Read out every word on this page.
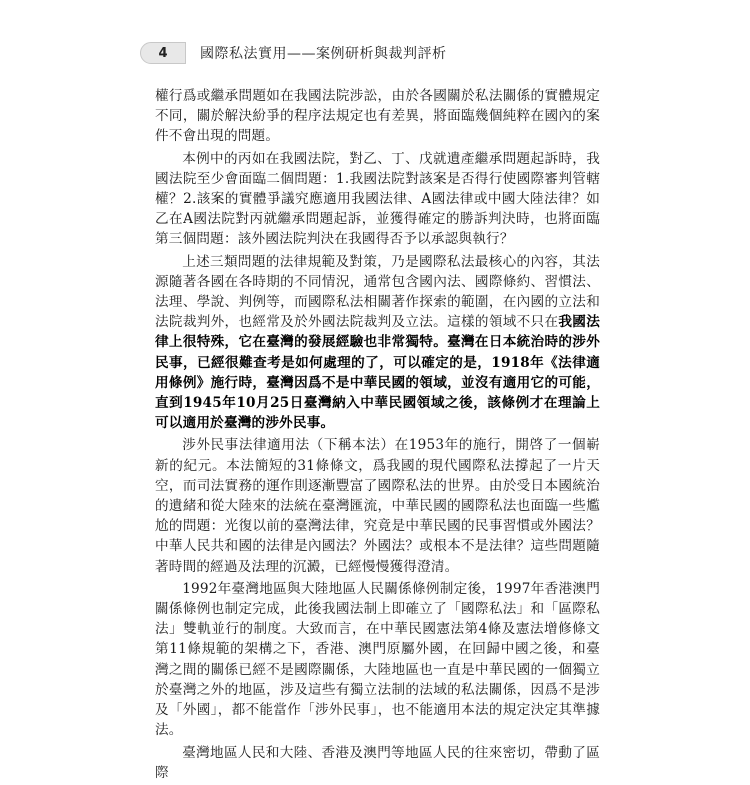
4	國際私法實用——案例研析與裁判評析

權行爲或繼承問題如在我國法院涉訟，由於各國關於私法關係的實體規定不同，關於解決紛爭的程序法規定也有差異，將面臨幾個純粹在國內的案件不會出現的問題。

本例中的丙如在我國法院，對乙、丁、戊就遺產繼承問題起訴時，我國法院至少會面臨二個問題：1.我國法院對該案是否得行使國際審判管轄權？2.該案的實體爭議究應適用我國法律、A國法律或中國大陸法律？如乙在A國法院對丙就繼承問題起訴，並獲得確定的勝訴判決時，也將面臨第三個問題：該外國法院判決在我國得否予以承認與執行？

上述三類問題的法律規範及對策，乃是國際私法最核心的內容，其法源隨著各國在各時期的不同情況，通常包含國內法、國際條約、習慣法、法理、學說、判例等，而國際私法相關著作探索的範圍，在內國的立法和法院裁判外，也經常及於外國法院裁判及立法。這樣的領域不只在我國法律上很特殊，它在臺灣的發展經驗也非常獨特。臺灣在日本統治時的涉外民事，已經很難查考是如何處理的了，可以確定的是，1918年《法律適用條例》施行時，臺灣因爲不是中華民國的領域，並沒有適用它的可能，直到1945年10月25日臺灣納入中華民國領域之後，該條例才在理論上可以適用於臺灣的涉外民事。

涉外民事法律適用法（下稱本法）在1953年的施行，開啓了一個嶄新的紀元。本法簡短的31條條文，爲我國的現代國際私法撐起了一片天空，而司法實務的運作則逐漸豐富了國際私法的世界。由於受日本國統治的遺緒和從大陸來的法統在臺灣匯流，中華民國的國際私法也面臨一些尷尬的問題：光復以前的臺灣法律，究竟是中華民國的民事習慣或外國法？中華人民共和國的法律是內國法？外國法？或根本不是法律？這些問題隨著時間的經過及法理的沉澱，已經慢慢獲得澄清。

1992年臺灣地區與大陸地區人民關係條例制定後，1997年香港澳門關係條例也制定完成，此後我國法制上即確立了「國際私法」和「區際私法」雙軌並行的制度。大致而言，在中華民國憲法第4條及憲法增修條文第11條規範的架構之下，香港、澳門原屬外國，在回歸中國之後，和臺灣之間的關係已經不是國際關係，大陸地區也一直是中華民國的一個獨立於臺灣之外的地區，涉及這些有獨立法制的法域的私法關係，因爲不是涉及「外國」，都不能當作「涉外民事」，也不能適用本法的規定決定其準據法。

臺灣地區人民和大陸、香港及澳門等地區人民的往來密切，帶動了區際
